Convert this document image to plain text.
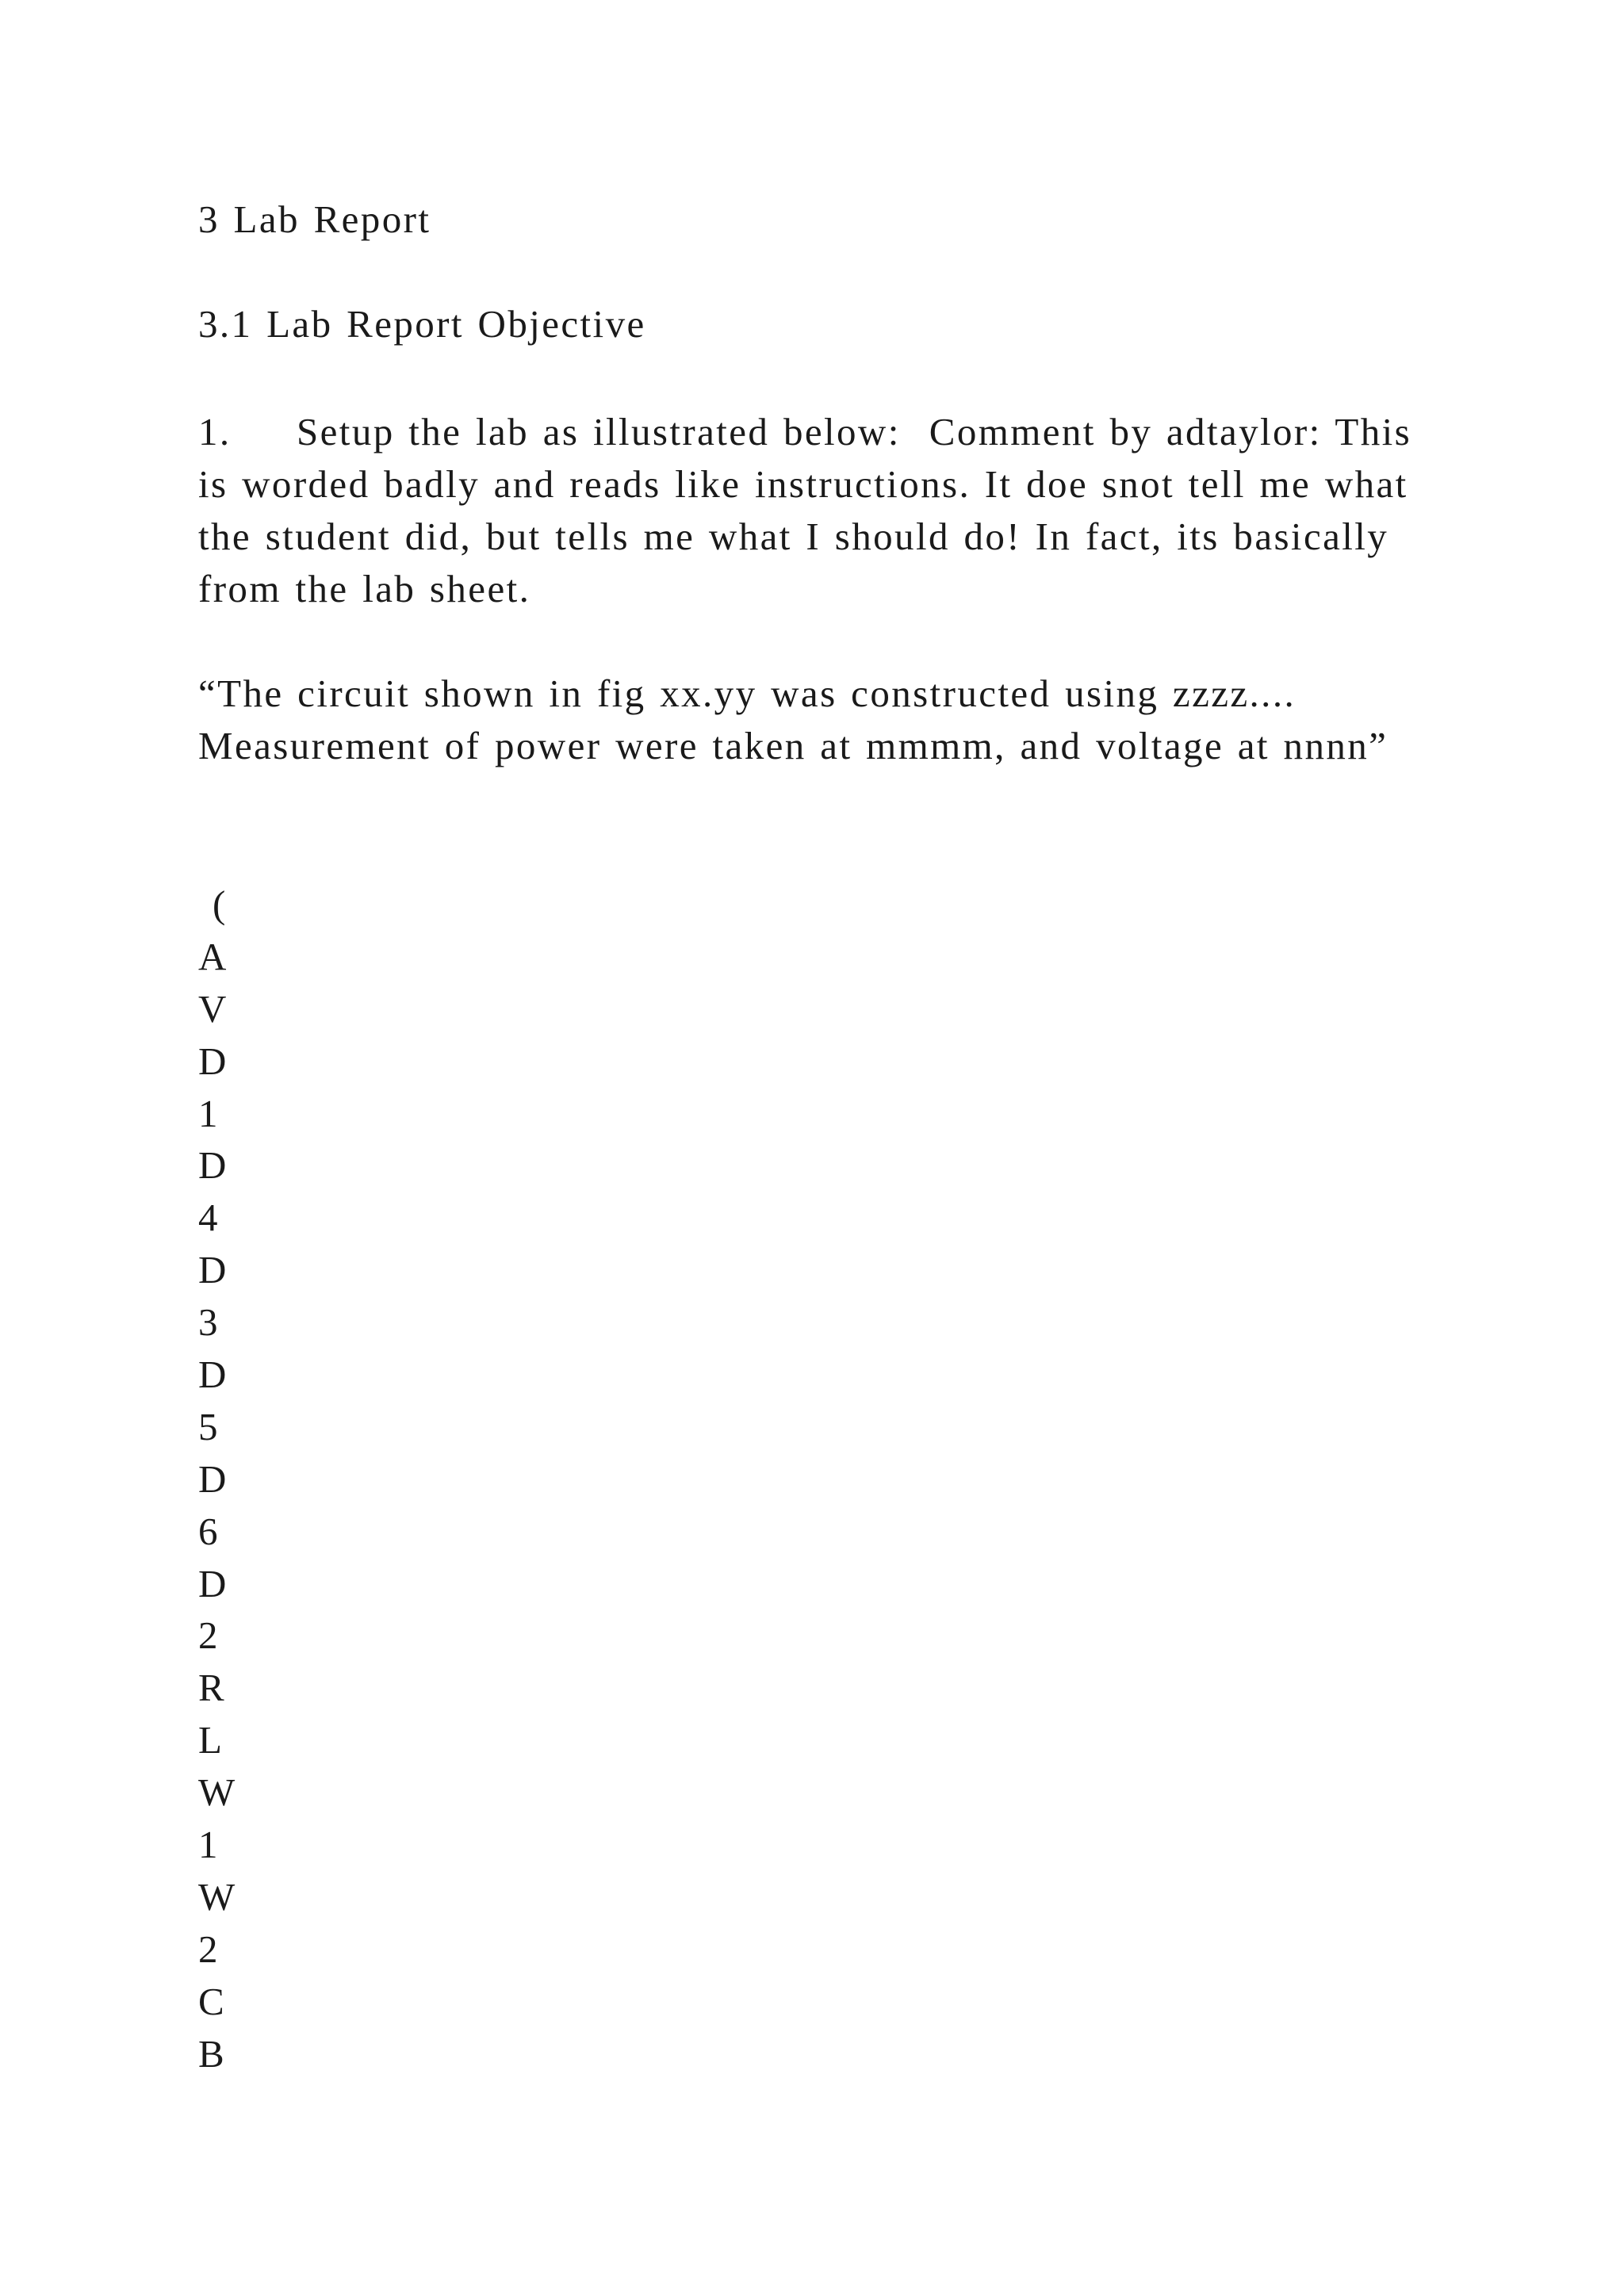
3 Lab Report
3.1 Lab Report Objective
1. Setup the lab as illustrated below: Comment by adtaylor: This is worded badly and reads like instructions. It doe snot tell me what the student did, but tells me what I should do! In fact, its basically from the lab sheet.
“The circuit shown in fig xx.yy was constructed using zzzz.... Measurement of power were taken at mmmm, and voltage at nnnn”
(
A
V
D
1
D
4
D
3
D
5
D
6
D
2
R
L
W
1
W
2
C
B
